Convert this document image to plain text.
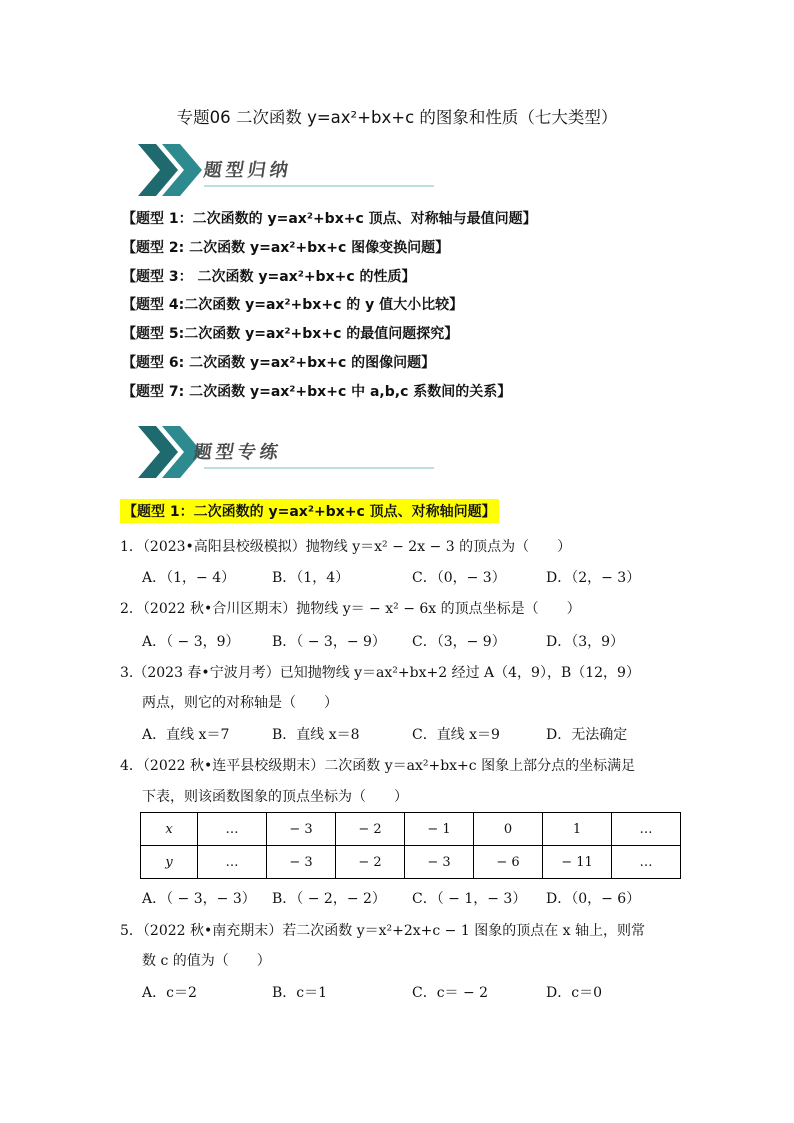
专题06 二次函数 y=ax²+bx+c 的图象和性质（七大类型）
题型归纳
【题型 1：二次函数的 y=ax²+bx+c 顶点、对称轴与最值问题】
【题型 2: 二次函数 y=ax²+bx+c 图像变换问题】
【题型 3： 二次函数 y=ax²+bx+c 的性质】
【题型 4:二次函数 y=ax²+bx+c 的 y 值大小比较】
【题型 5:二次函数 y=ax²+bx+c 的最值问题探究】
【题型 6: 二次函数 y=ax²+bx+c 的图像问题】
【题型 7: 二次函数 y=ax²+bx+c 中 a,b,c 系数间的关系】
题型专练
【题型 1：二次函数的 y=ax²+bx+c 顶点、对称轴问题】
1．（2023•高阳县校级模拟）抛物线 y＝x² − 2x − 3 的顶点为（　　）
A．（1，− 4）	B．（1，4）	C．（0，− 3）	D．（2，− 3）
2．（2022 秋•合川区期末）抛物线 y＝ − x² − 6x 的顶点坐标是（　　）
A．（ − 3，9） B．（ − 3，− 9） C．（3，− 9）	D．（3，9）
3.（2023 春•宁波月考）已知抛物线 y＝ax²+bx+2 经过 A（4，9），B（12，9）
两点，则它的对称轴是（　　）
A．直线 x＝7	B．直线 x＝8	C．直线 x＝9	D．无法确定
4．（2022 秋•连平县校级期末）二次函数 y＝ax²+bx+c 图象上部分点的坐标满足
下表，则该函数图象的顶点坐标为（　　）
x	…	− 3	− 2	− 1	0	1	…
y	…	− 3	− 2	− 3	− 6	− 11	…
A．（ − 3，− 3） B．（ − 2，− 2） C．（ − 1，− 3） D．（0，− 6）
5．（2022 秋•南充期末）若二次函数 y＝x²+2x+c − 1 图象的顶点在 x 轴上，则常
数 c 的值为（　　）
A．c＝2	B．c＝1	C．c＝ − 2	D．c＝0
